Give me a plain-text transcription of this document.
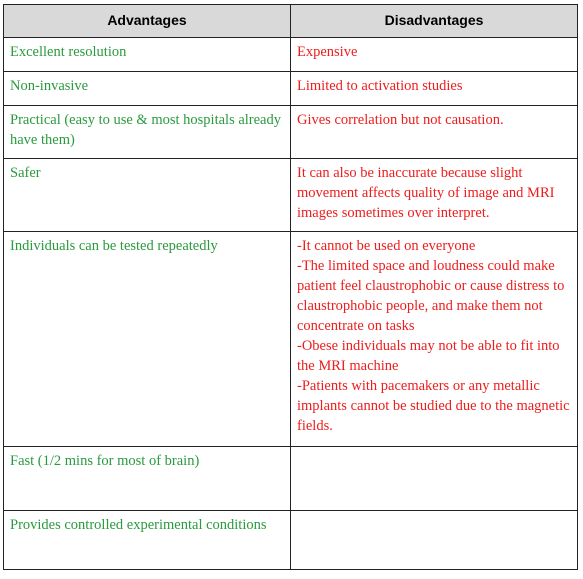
Advantages	Disadvantages
Excellent resolution	Expensive

Non-invasive	Limited to activation studies

Practical (easy to use & most hospitals already have them)	Gives correlation but not causation.

Safer	It can also be inaccurate because slight movement affects quality of image and MRI images sometimes over interpret.

Individuals can be tested repeatedly	-It cannot be used on everyone
-The limited space and loudness could make patient feel claustrophobic or cause distress to claustrophobic people, and make them not concentrate on tasks
-Obese individuals may not be able to fit into the MRI machine
-Patients with pacemakers or any metallic implants cannot be studied due to the magnetic fields.

Fast (1/2 mins for most of brain)	
Provides controlled experimental conditions	
